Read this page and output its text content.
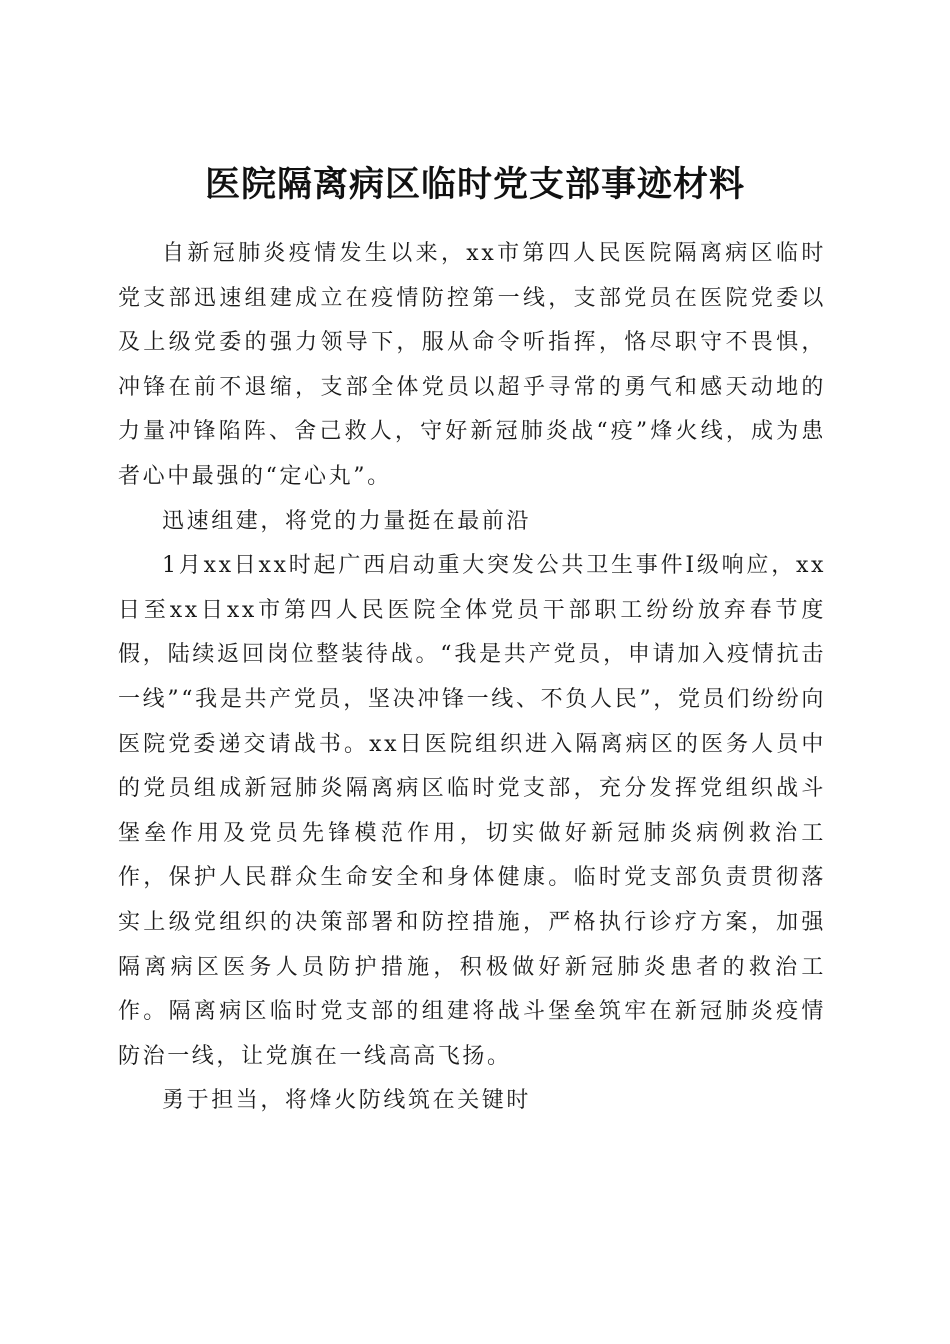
医院隔离病区临时党支部事迹材料

自新冠肺炎疫情发生以来，xx市第四人民医院隔离病区临时党支部迅速组建成立在疫情防控第一线，支部党员在医院党委以及上级党委的强力领导下，服从命令听指挥，恪尽职守不畏惧，冲锋在前不退缩，支部全体党员以超乎寻常的勇气和感天动地的力量冲锋陷阵、舍己救人，守好新冠肺炎战“疫”烽火线，成为患者心中最强的“定心丸”。

迅速组建，将党的力量挺在最前沿

1月xx日xx时起广西启动重大突发公共卫生事件Ⅰ级响应，xx日至xx日xx市第四人民医院全体党员干部职工纷纷放弃春节度假，陆续返回岗位整装待战。“我是共产党员，申请加入疫情抗击一线”“我是共产党员，坚决冲锋一线、不负人民”，党员们纷纷向医院党委递交请战书。xx日医院组织进入隔离病区的医务人员中的党员组成新冠肺炎隔离病区临时党支部，充分发挥党组织战斗堡垒作用及党员先锋模范作用，切实做好新冠肺炎病例救治工作，保护人民群众生命安全和身体健康。临时党支部负责贯彻落实上级党组织的决策部署和防控措施，严格执行诊疗方案，加强隔离病区医务人员防护措施，积极做好新冠肺炎患者的救治工作。隔离病区临时党支部的组建将战斗堡垒筑牢在新冠肺炎疫情防治一线，让党旗在一线高高飞扬。

勇于担当，将烽火防线筑在关键时
